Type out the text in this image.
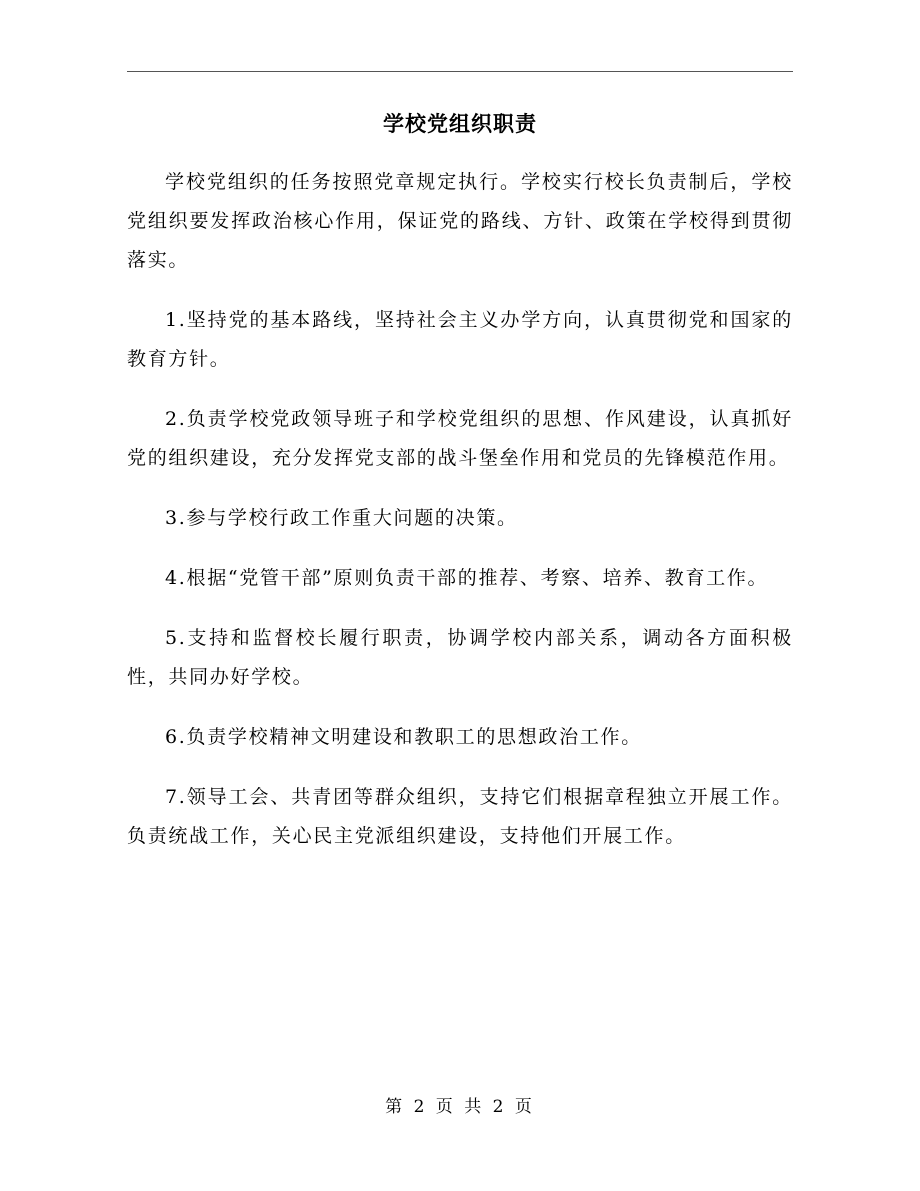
学校党组织职责

学校党组织的任务按照党章规定执行。学校实行校长负责制后，学校党组织要发挥政治核心作用，保证党的路线、方针、政策在学校得到贯彻落实。

1.坚持党的基本路线，坚持社会主义办学方向，认真贯彻党和国家的教育方针。

2.负责学校党政领导班子和学校党组织的思想、作风建设，认真抓好党的组织建设，充分发挥党支部的战斗堡垒作用和党员的先锋模范作用。

3.参与学校行政工作重大问题的决策。

4.根据“党管干部”原则负责干部的推荐、考察、培养、教育工作。

5.支持和监督校长履行职责，协调学校内部关系，调动各方面积极性，共同办好学校。

6.负责学校精神文明建设和教职工的思想政治工作。

7.领导工会、共青团等群众组织，支持它们根据章程独立开展工作。负责统战工作，关心民主党派组织建设，支持他们开展工作。

第 2 页 共 2 页
